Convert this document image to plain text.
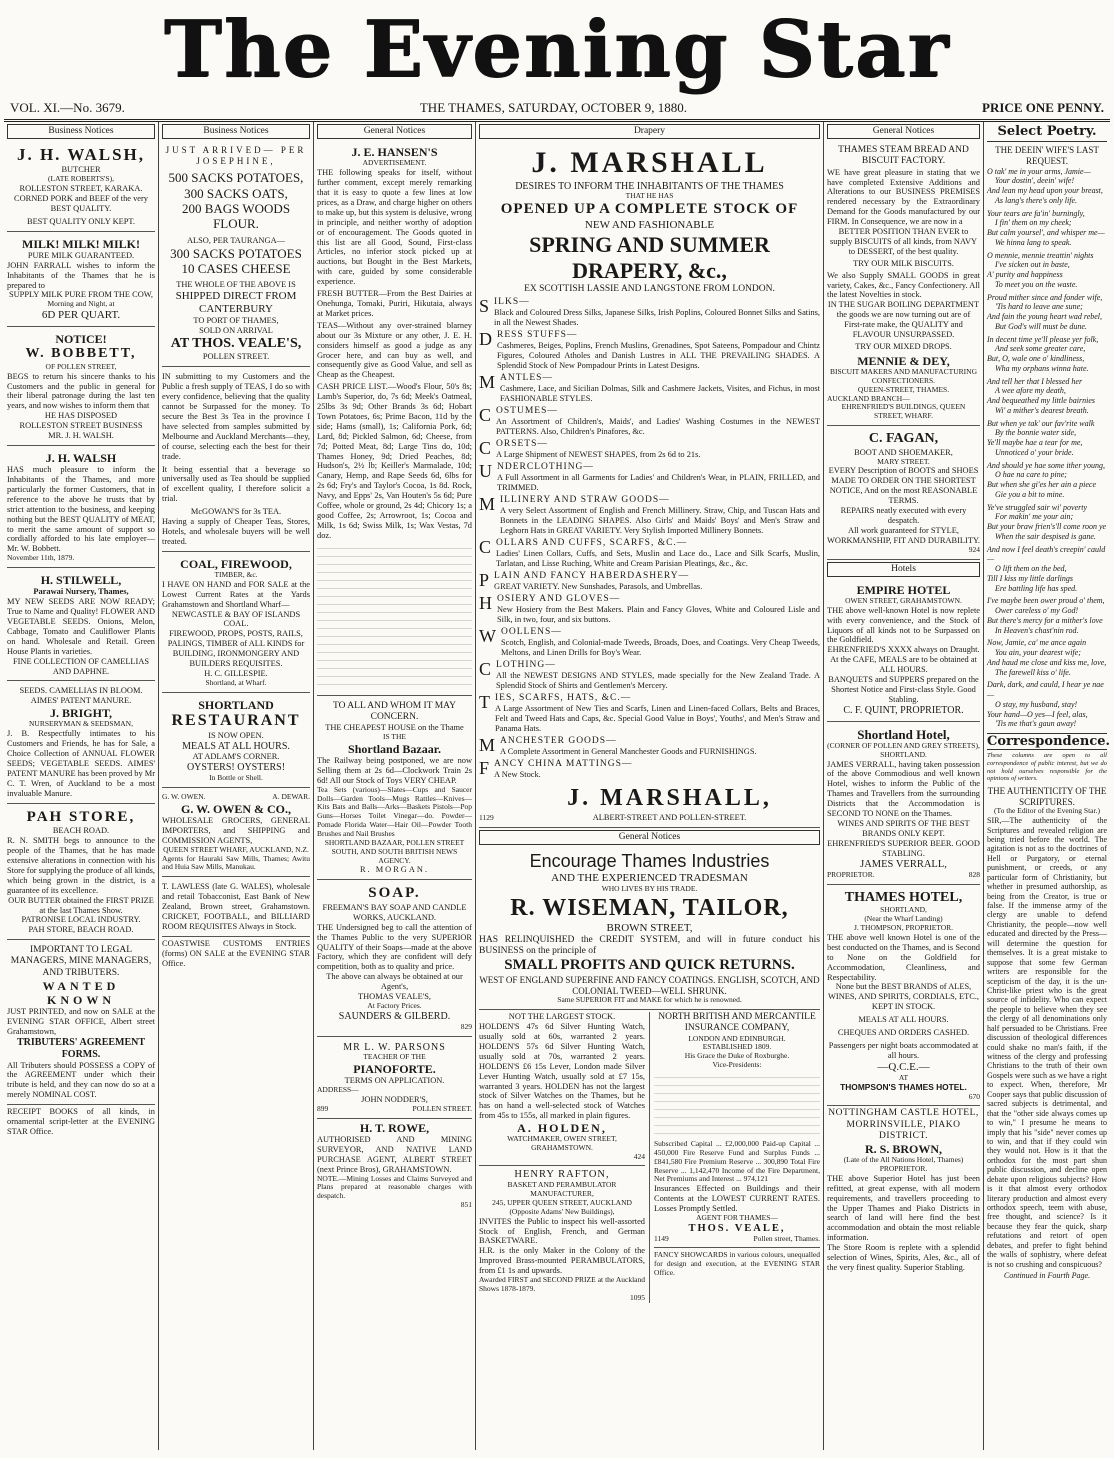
The Evening Star
VOL. XI.—No. 3679.	THE THAMES, SATURDAY, OCTOBER 9, 1880.	PRICE ONE PENNY.
Business Notices
J. H. WALSH,
BUTCHER
(LATE ROBERTS'S),
ROLLESTON STREET, KARAKA.
CORNED PORK and BEEF of the very BEST QUALITY.
BEST QUALITY ONLY KEPT.
MILK! MILK! MILK!
PURE MILK GUARANTEED.
JOHN FARRALL wishes to inform the Inhabitants of the Thames that he is prepared to
SUPPLY MILK PURE FROM THE COW,
Morning and Night, at
6D PER QUART.
NOTICE!
W. BOBBETT,
OF POLLEN STREET,
BEGS to return his sincere thanks to his Customers and the public in general for their liberal patronage during the last ten years, and now wishes to inform them that
HE HAS DISPOSED
ROLLESTON STREET BUSINESS
MR. J. H. WALSH.
J. H. WALSH
HAS much pleasure to inform the Inhabitants of the Thames, and more particularly the former Customers, that in reference to the above he trusts that by strict attention to the business, and keeping nothing but the BEST QUALITY of MEAT, to merit the same amount of support so cordially afforded to his late employer—Mr. W. Bobbett.
November 11th, 1879.
H. STILWELL,
Parawai Nursery, Thames,
MY NEW SEEDS ARE NOW READY; True to Name and Quality! FLOWER AND VEGETABLE SEEDS. Onions, Melon, Cabbage, Tomato and Cauliflower Plants on hand. Wholesale and Retail. Green House Plants in varieties.
FINE COLLECTION OF CAMELLIAS AND DAPHNE.
SEEDS. CAMELLIAS IN BLOOM. AIMES' PATENT MANURE.
J. BRIGHT,
NURSERYMAN & SEEDSMAN,
J. B. Respectfully intimates to his Customers and Friends, he has for Sale, a Choice Collection of ANNUAL FLOWER SEEDS; VEGETABLE SEEDS. AIMES' PATENT MANURE has been proved by Mr C. T. Wren, of Auckland to be a most invaluable Manure.
PAH STORE,
BEACH ROAD.
R. N. SMITH begs to announce to the people of the Thames, that he has made extensive alterations in connection with his Store for supplying the produce of all kinds, which being grown in the district, is a guarantee of its excellence.
OUR BUTTER obtained the FIRST PRIZE at the last Thames Show.
PATRONISE LOCAL INDUSTRY.
PAH STORE, BEACH ROAD.
IMPORTANT TO LEGAL MANAGERS, MINE MANAGERS, AND TRIBUTERS.
WANTED KNOWN
JUST PRINTED, and now on SALE at the EVENING STAR OFFICE, Albert street Grahamstown,
TRIBUTERS' AGREEMENT FORMS.
All Tributers should POSSESS a COPY of the AGREEMENT under which their tribute is held, and they can now do so at a merely NOMINAL COST.
RECEIPT BOOKS of all kinds, in ornamental script-letter at the EVENING STAR Office.
Business Notices
JUST ARRIVED— PER JOSEPHINE,
500 SACKS POTATOES,
300 SACKS OATS,
200 BAGS WOODS FLOUR.
ALSO, PER TAURANGA—
300 SACKS POTATOES
10 CASES CHEESE
THE WHOLE OF THE ABOVE IS
SHIPPED DIRECT FROM CANTERBURY
TO PORT OF THAMES,
SOLD ON ARRIVAL
AT THOS. VEALE'S,
POLLEN STREET.
IN submitting to my Customers and the Public a fresh supply of TEAS, I do so with every confidence, believing that the quality cannot be Surpassed for the money. To secure the Best 3s Tea in the province I have selected from samples submitted by Melbourne and Auckland Merchants—they, of course, selecting each the best for their trade.
It being essential that a beverage so universally used as Tea should be supplied of excellent quality, I therefore solicit a trial.
McGOWAN'S for 3s TEA.
Having a supply of Cheaper Teas, Stores, Hotels, and wholesale buyers will be well treated.
COAL, FIREWOOD,
TIMBER, &c.
I HAVE ON HAND and FOR SALE at the Lowest Current Rates at the Yards Grahamstown and Shortland Wharf—
NEWCASTLE & BAY OF ISLANDS COAL.
FIREWOOD, PROPS, POSTS, RAILS, PALINGS, TIMBER of ALL KINDS for BUILDING, IRONMONGERY AND BUILDERS REQUISITES.
H. C. GILLESPIE.
Shortland, at Wharf.
SHORTLAND
RESTAURANT
IS NOW OPEN.
MEALS AT ALL HOURS.
AT ADLAM'S CORNER.
OYSTERS! OYSTERS!
In Bottle or Shell.
G. W. OWEN.	A. DEWAR.
G. W. OWEN & CO.,
WHOLESALE GROCERS, GENERAL IMPORTERS, and SHIPPING and COMMISSION AGENTS,
QUEEN STREET WHARF, AUCKLAND, N.Z.
Agents for Hauraki Saw Mills, Thames; Awitu and Huia Saw Mills, Manukau.
T. LAWLESS (late G. WALES), wholesale and retail Tobacconist, East Bank of New Zealand, Brown street, Grahamstown. CRICKET, FOOTBALL, and BILLIARD ROOM REQUISITES Always in Stock.
COASTWISE CUSTOMS ENTRIES (forms) ON SALE at the EVENING STAR Office.
General Notices
J. E. HANSEN'S
ADVERTISEMENT.
THE following speaks for itself, without further comment, except merely remarking that it is easy to quote a few lines at low prices, as a Draw, and charge higher on others to make up, but this system is delusive, wrong in principle, and neither worthy of adoption or of encouragement. The Goods quoted in this list are all Good, Sound, First-class Articles, no inferior stock picked up at auctions, but Bought in the Best Markets, with care, guided by some considerable experience.
FRESH BUTTER—From the Best Dairies at Onehunga, Tomaki, Puriri, Hikutaia, always at Market prices.
TEAS—Without any over-strained blarney about our 3s Mixture or any other, J. E. H. considers himself as good a judge as any Grocer here, and can buy as well, and consequently give as Good Value, and sell as Cheap as the Cheapest.
CASH PRICE LIST.—Wood's Flour, 50's 8s; Lamb's Superior, do, 7s 6d; Meek's Oatmeal, 25lbs 3s 9d; Other Brands 3s 6d; Hobart Town Potatoes, 6s; Prime Bacon, 11d by the side; Hams (small), 1s; California Pork, 6d; Lard, 8d; Pickled Salmon, 6d; Cheese, from 7d; Potted Meat, 8d; Large Tins do, 10d; Thames Honey, 9d; Dried Peaches, 8d; Hudson's, 2½ lb; Keiller's Marmalade, 10d; Canary, Hemp, and Rape Seeds 6d, 6lbs for 2s 6d; Fry's and Taylor's Cocoa, 1s 8d. Rock, Navy, and Epps' 2s, Van Houten's 5s 6d; Pure Coffee, whole or ground, 2s 4d; Chicory 1s; a good Coffee, 2s; Arrowroot, 1s; Cocoa and Milk, 1s 6d; Swiss Milk, 1s; Wax Vestas, 7d doz.
TO ALL AND WHOM IT MAY CONCERN.
THE CHEAPEST HOUSE on the Thame
IS THE
Shortland Bazaar.
The Railway being postponed, we are now Selling them at 2s 6d—Clockwork Train 2s 6d! All our Stock of Toys VERY CHEAP.
Tea Sets (various)—Slates—Cups and Saucer Dolls—Garden Tools—Mugs Rattles—Knives—Kits Bats and Balls—Arks—Baskets Pistols—Pop Guns—Horses Toilet Vinegar—do. Powder—Pomade Florida Water—Hair Oil—Powder Tooth Brushes and Nail Brushes
SHORTLAND BAZAAR, POLLEN STREET SOUTH, AND SOUTH BRITISH NEWS AGENCY.
R. MORGAN.
SOAP.
FREEMAN'S BAY SOAP AND CANDLE WORKS, AUCKLAND.
THE Undersigned beg to call the attention of the Thames Public to the very SUPERIOR QUALITY of their Soaps—made at the above Factory, which they are confident will defy competition, both as to quality and price.
The above can always be obtained at our Agent's,
THOMAS VEALE'S,
At Factory Prices.
SAUNDERS & GILBERD.
829
MR L. W. PARSONS
TEACHER OF THE
PIANOFORTE.
TERMS ON APPLICATION.
ADDRESS—
JOHN NODDER'S,
899	POLLEN STREET.
H. T. ROWE,
AUTHORISED AND MINING SURVEYOR, AND NATIVE LAND PURCHASE AGENT, ALBERT STREET (next Prince Bros), GRAHAMSTOWN.
NOTE.—Mining Losses and Claims Surveyed and Plans prepared at reasonable charges with despatch.
851
Drapery
J. MARSHALL
DESIRES TO INFORM THE INHABITANTS OF THE THAMES
THAT HE HAS
OPENED UP A COMPLETE STOCK OF
NEW AND FASHIONABLE
SPRING AND SUMMER DRAPERY, &c.,
EX SCOTTISH LASSIE AND LANGSTONE FROM LONDON.
S ILKS—
Black and Coloured Dress Silks, Japanese Silks, Irish Poplins, Coloured Bonnet Silks and Satins, in all the Newest Shades.
D RESS STUFFS—
Cashmeres, Beiges, Poplins, French Muslins, Grenadines, Spot Sateens, Pompadour and Chintz Figures, Coloured Atholes and Danish Lustres in ALL THE PREVAILING SHADES. A Splendid Stock of New Pompadour Prints in Latest Designs.
M ANTLES—
Cashmere, Lace, and Sicilian Dolmas, Silk and Cashmere Jackets, Visites, and Fichus, in most FASHIONABLE STYLES.
C OSTUMES—
An Assortment of Children's, Maids', and Ladies' Washing Costumes in the NEWEST PATTERNS. Also, Children's Pinafores, &c.
C ORSETS—
A Large Shipment of NEWEST SHAPES, from 2s 6d to 21s.
U NDERCLOTHING—
A Full Assortment in all Garments for Ladies' and Children's Wear, in PLAIN, FRILLED, and TRIMMED.
M ILLINERY AND STRAW GOODS—
A very Select Assortment of English and French Millinery. Straw, Chip, and Tuscan Hats and Bonnets in the LEADING SHAPES. Also Girls' and Maids' Boys' and Men's Straw and Leghorn Hats in GREAT VARIETY. Very Stylish Imported Millinery Bonnets.
C OLLARS AND CUFFS, SCARFS, &C.—
Ladies' Linen Collars, Cuffs, and Sets, Muslin and Lace do., Lace and Silk Scarfs, Muslin, Tarlatan, and Lisse Ruching, White and Cream Parisian Pleatings, &c., &c.
P LAIN AND FANCY HABERDASHERY—
GREAT VARIETY. New Sunshades, Parasols, and Umbrellas.
H OSIERY AND GLOVES—
New Hosiery from the Best Makers. Plain and Fancy Gloves, White and Coloured Lisle and Silk, in two, four, and six buttons.
W OOLLENS—
Scotch, English, and Colonial-made Tweeds, Broads, Does, and Coatings. Very Cheap Tweeds, Meltons, and Linen Drills for Boy's Wear.
C LOTHING—
All the NEWEST DESIGNS AND STYLES, made specially for the New Zealand Trade. A Splendid Stock of Shirts and Gentlemen's Mercery.
T IES, SCARFS, HATS, &C.—
A Large Assortment of New Ties and Scarfs, Linen and Linen-faced Collars, Belts and Braces, Felt and Tweed Hats and Caps, &c. Special Good Value in Boys', Youths', and Men's Straw and Panama Hats.
M ANCHESTER GOODS—
A Complete Assortment in General Manchester Goods and FURNISHINGS.
F ANCY CHINA MATTINGS—
A New Stock.
1129
J. MARSHALL,
ALBERT-STREET AND POLLEN-STREET.
General Notices
Encourage Thames Industries
AND THE EXPERIENCED TRADESMAN
WHO LIVES BY HIS TRADE.
R. WISEMAN, TAILOR,
BROWN STREET,
HAS RELINQUISHED the CREDIT SYSTEM, and will in future conduct his BUSINESS on the principle of
SMALL PROFITS AND QUICK RETURNS.
WEST OF ENGLAND SUPERFINE AND FANCY COATINGS. ENGLISH, SCOTCH, AND COLONIAL TWEED—WELL SHRUNK.
Same SUPERIOR FIT and MAKE for which he is renowned.
NOT THE LARGEST STOCK.
HOLDEN'S 47s 6d Silver Hunting Watch, usually sold at 60s, warranted 2 years. HOLDEN'S 57s 6d Silver Hunting Watch, usually sold at 70s, warranted 2 years. HOLDEN'S £6 15s Lever, London made Silver Lever Hunting Watch, usually sold at £7 15s, warranted 3 years. HOLDEN has not the largest stock of Silver Watches on the Thames, but he has on hand a well-selected stock of Watches from 45s to 155s, all marked in plain figures.
A. HOLDEN,
WATCHMAKER, OWEN STREET, GRAHAMSTOWN.
424
HENRY RAFTON,
BASKET AND PERAMBULATOR MANUFACTURER,
245, UPPER QUEEN STREET, AUCKLAND (Opposite Adams' New Buildings),
INVITES the Public to inspect his well-assorted Stock of English, French, and German BASKETWARE.
H.R. is the only Maker in the Colony of the Improved Brass-mounted PERAMBULATORS, from £1 1s and upwards.
Awarded FIRST and SECOND PRIZE at the Auckland Shows 1878-1879.
1095
NORTH BRITISH AND MERCANTILE INSURANCE COMPANY,
LONDON AND EDINBURGH.
ESTABLISHED 1809.
His Grace the Duke of Roxburghe.
Vice-Presidents:
Subscribed Capital ... £2,000,000 Paid-up Capital ... 450,000 Fire Reserve Fund and Surplus Funds ... £841,580 Fire Premium Reserve ... 300,890 Total Fire Reserve ... 1,142,470 Income of the Fire Department, Net Premiums and Interest ... 974,121
Insurances Effected on Buildings and their Contents at the LOWEST CURRENT RATES. Losses Promptly Settled.
AGENT FOR THAMES—
THOS. VEALE,
1149	Pollen street, Thames.
FANCY SHOWCARDS in various colours, unequalled for design and execution, at the EVENING STAR Office.
General Notices
THAMES STEAM BREAD AND BISCUIT FACTORY.
WE have great pleasure in stating that we have completed Extensive Additions and Alterations to our BUSINESS PREMISES rendered necessary by the Extraordinary Demand for the Goods manufactured by our FIRM. In Consequence, we are now in a
BETTER POSITION THAN EVER to supply BISCUITS of all kinds, from NAVY to DESSERT, of the best quality.
TRY OUR MILK BISCUITS.
We also Supply SMALL GOODS in great variety, Cakes, &c., Fancy Confectionery. All the latest Novelties in stock.
IN THE SUGAR BOILING DEPARTMENT the goods we are now turning out are of First-rate make, the QUALITY and FLAVOUR UNSURPASSED.
TRY OUR MIXED DROPS.
MENNIE & DEY,
BISCUIT MAKERS AND MANUFACTURING CONFECTIONERS.
QUEEN-STREET, THAMES.
AUCKLAND BRANCH—
EHRENFRIED'S BUILDINGS, QUEEN STREET, WHARF.
C. FAGAN,
BOOT AND SHOEMAKER,
MARY STREET.
EVERY Description of BOOTS and SHOES MADE TO ORDER ON THE SHORTEST NOTICE, And on the most REASONABLE TERMS.
REPAIRS neatly executed with every despatch.
All work guaranteed for STYLE, WORKMANSHIP, FIT AND DURABILITY.
924
Hotels
EMPIRE HOTEL
OWEN STREET, GRAHAMSTOWN.
THE above well-known Hotel is now replete with every convenience, and the Stock of Liquors of all kinds not to be Surpassed on the Goldfield.
EHRENFRIED'S XXXX always on Draught.
At the CAFE, MEALS are to be obtained at ALL HOURS.
BANQUETS and SUPPERS prepared on the Shortest Notice and First-class Style. Good Stabling.
C. F. QUINT, PROPRIETOR.
Shortland Hotel,
(CORNER OF POLLEN AND GREY STREETS), SHORTLAND.
JAMES VERRALL, having taken possession of the above Commodious and well known Hotel, wishes to inform the Public of the Thames and Travellers from the surrounding Districts that the Accommodation is SECOND TO NONE on the Thames.
WINES AND SPIRITS OF THE BEST BRANDS ONLY KEPT.
EHRENFRIED'S SUPERIOR BEER. GOOD STABLING.
JAMES VERRALL,
PROPRIETOR.	828
THAMES HOTEL,
SHORTLAND,
(Near the Wharf Landing)
J. THOMPSON, PROPRIETOR.
THE above well known Hotel is one of the best conducted on the Thames, and is Second to None on the Goldfield for Accommodation, Cleanliness, and Respectability.
None but the BEST BRANDS of ALES, WINES, AND SPIRITS, CORDIALS, ETC., KEPT IN STOCK.
MEALS AT ALL HOURS.
CHEQUES AND ORDERS CASHED.
Passengers per night boats accommodated at all hours.
—Q.C.E.—
AT
THOMPSON'S THAMES HOTEL.
670
NOTTINGHAM CASTLE HOTEL, MORRINSVILLE, PIAKO DISTRICT.
R. S. BROWN,
(Late of the All Nations Hotel, Thames) PROPRIETOR.
THE above Superior Hotel has just been refitted, at great expense, with all modern requirements, and travellers proceeding to the Upper Thames and Piako Districts in search of land will here find the best accommodation and obtain the most reliable information.
The Store Room is replete with a splendid selection of Wines, Spirits, Ales, &c., all of the very finest quality. Superior Stabling.
Select Poetry.
THE DEEIN' WIFE'S LAST REQUEST.

O tak' me in your arms, Jamie—

Your dostin', deein' wife!

And lean my head upon your breast,

As lang's there's only life.

Your tears are fa'in' burningly,

I fin' them on my cheek;

But calm yoursel', and whisper me—

We hinna lang to speak.

O mennie, mennie treattin' nights

I've sicken out in baste,

A' purity and happiness

To meet you on the waste.

Proud mither since and fonder wife,

'Tis hard to leave ane sune;

And fain the young heart wad rebel,

But God's will must be dune.

In decent time ye'll please yer folk,

And seek some greater care,

But, O, wale one o' kindliness,

Wha my orphans winna hate.

And tell her that I blessed her

A wee afore my death,

And bequeathed my little bairnies

Wi' a mither's dearest breath.

But when ye tak' our fav'rite walk

By the bonnie water side,

Ye'll maybe hae a tear for me,

Unnoticed o' your bride.

And should ye hae some ither young,

O hae na care to pine;

But when she gi'es her ain a piece

Gie you a bit to mine.

Ye've struggled sair wi' poverty

For makin' me your ain;

But your braw frien's'll come roon ye

When the sair despised is gane.

And now I feel death's creepin' cauld—

O lift them on the bed,

Till I kiss my little darlings

Ere battling life has sped.

I've maybe been ower proud o' them,

Ower careless o' my God!

But there's mercy for a mither's love

In Heaven's chast'nin rod.

Now, Jamie, ca' me ance again

You ain, your dearest wife;

And haud me close and kiss me, love,

The farewell kiss o' life.

Dark, dark, and cauld, I hear ye nae—

O stay, my husband, stay!

Your hand—O yes—I feel, alas,

'Tis me that's gaun away!

Correspondence.
These columns are open to all correspondence of public interest, but we do not hold ourselves responsible for the opinions of writers.
THE AUTHENTICITY OF THE SCRIPTURES.
(To the Editor of the Evening Star.)
SIR,—The authenticity of the Scriptures and revealed religion are being tried before the world. The agitation is not as to the doctrines of Hell or Purgatory, or eternal punishment, or creeds, or any particular form of Christianity, but whether in presumed authorship, as being from the Creator, is true or false. If the immense army of the clergy are unable to defend Christianity, the people—now well educated and directed by the Press—will determine the question for themselves. It is a great mistake to suppose that some few German writers are responsible for the scepticism of the day, it is the un-Christ-like priest who is the great source of infidelity. Who can expect the people to believe when they see the clergy of all denominations only half persuaded to be Christians. Free discussion of theological differences could shake no man's faith, if the witness of the clergy and professing Christians to the truth of their own Gospels were such as we have a right to expect. When, therefore, Mr Cooper says that public discussion of sacred subjects is detrimental, and that the "other side always comes up to win," I presume he means to imply that his "side" never comes up to win, and that if they could win they would not. How is it that the orthodox for the most part shun public discussion, and decline open debate upon religious subjects? How is it that almost every orthodox literary production and almost every orthodox speech, teem with abuse, free thought, and science? Is it because they fear the quick, sharp refutations and retort of open debates, and prefer to fight behind the walls of sophistry, where defeat is not so crushing and conspicuous?
Continued in Fourth Page.
